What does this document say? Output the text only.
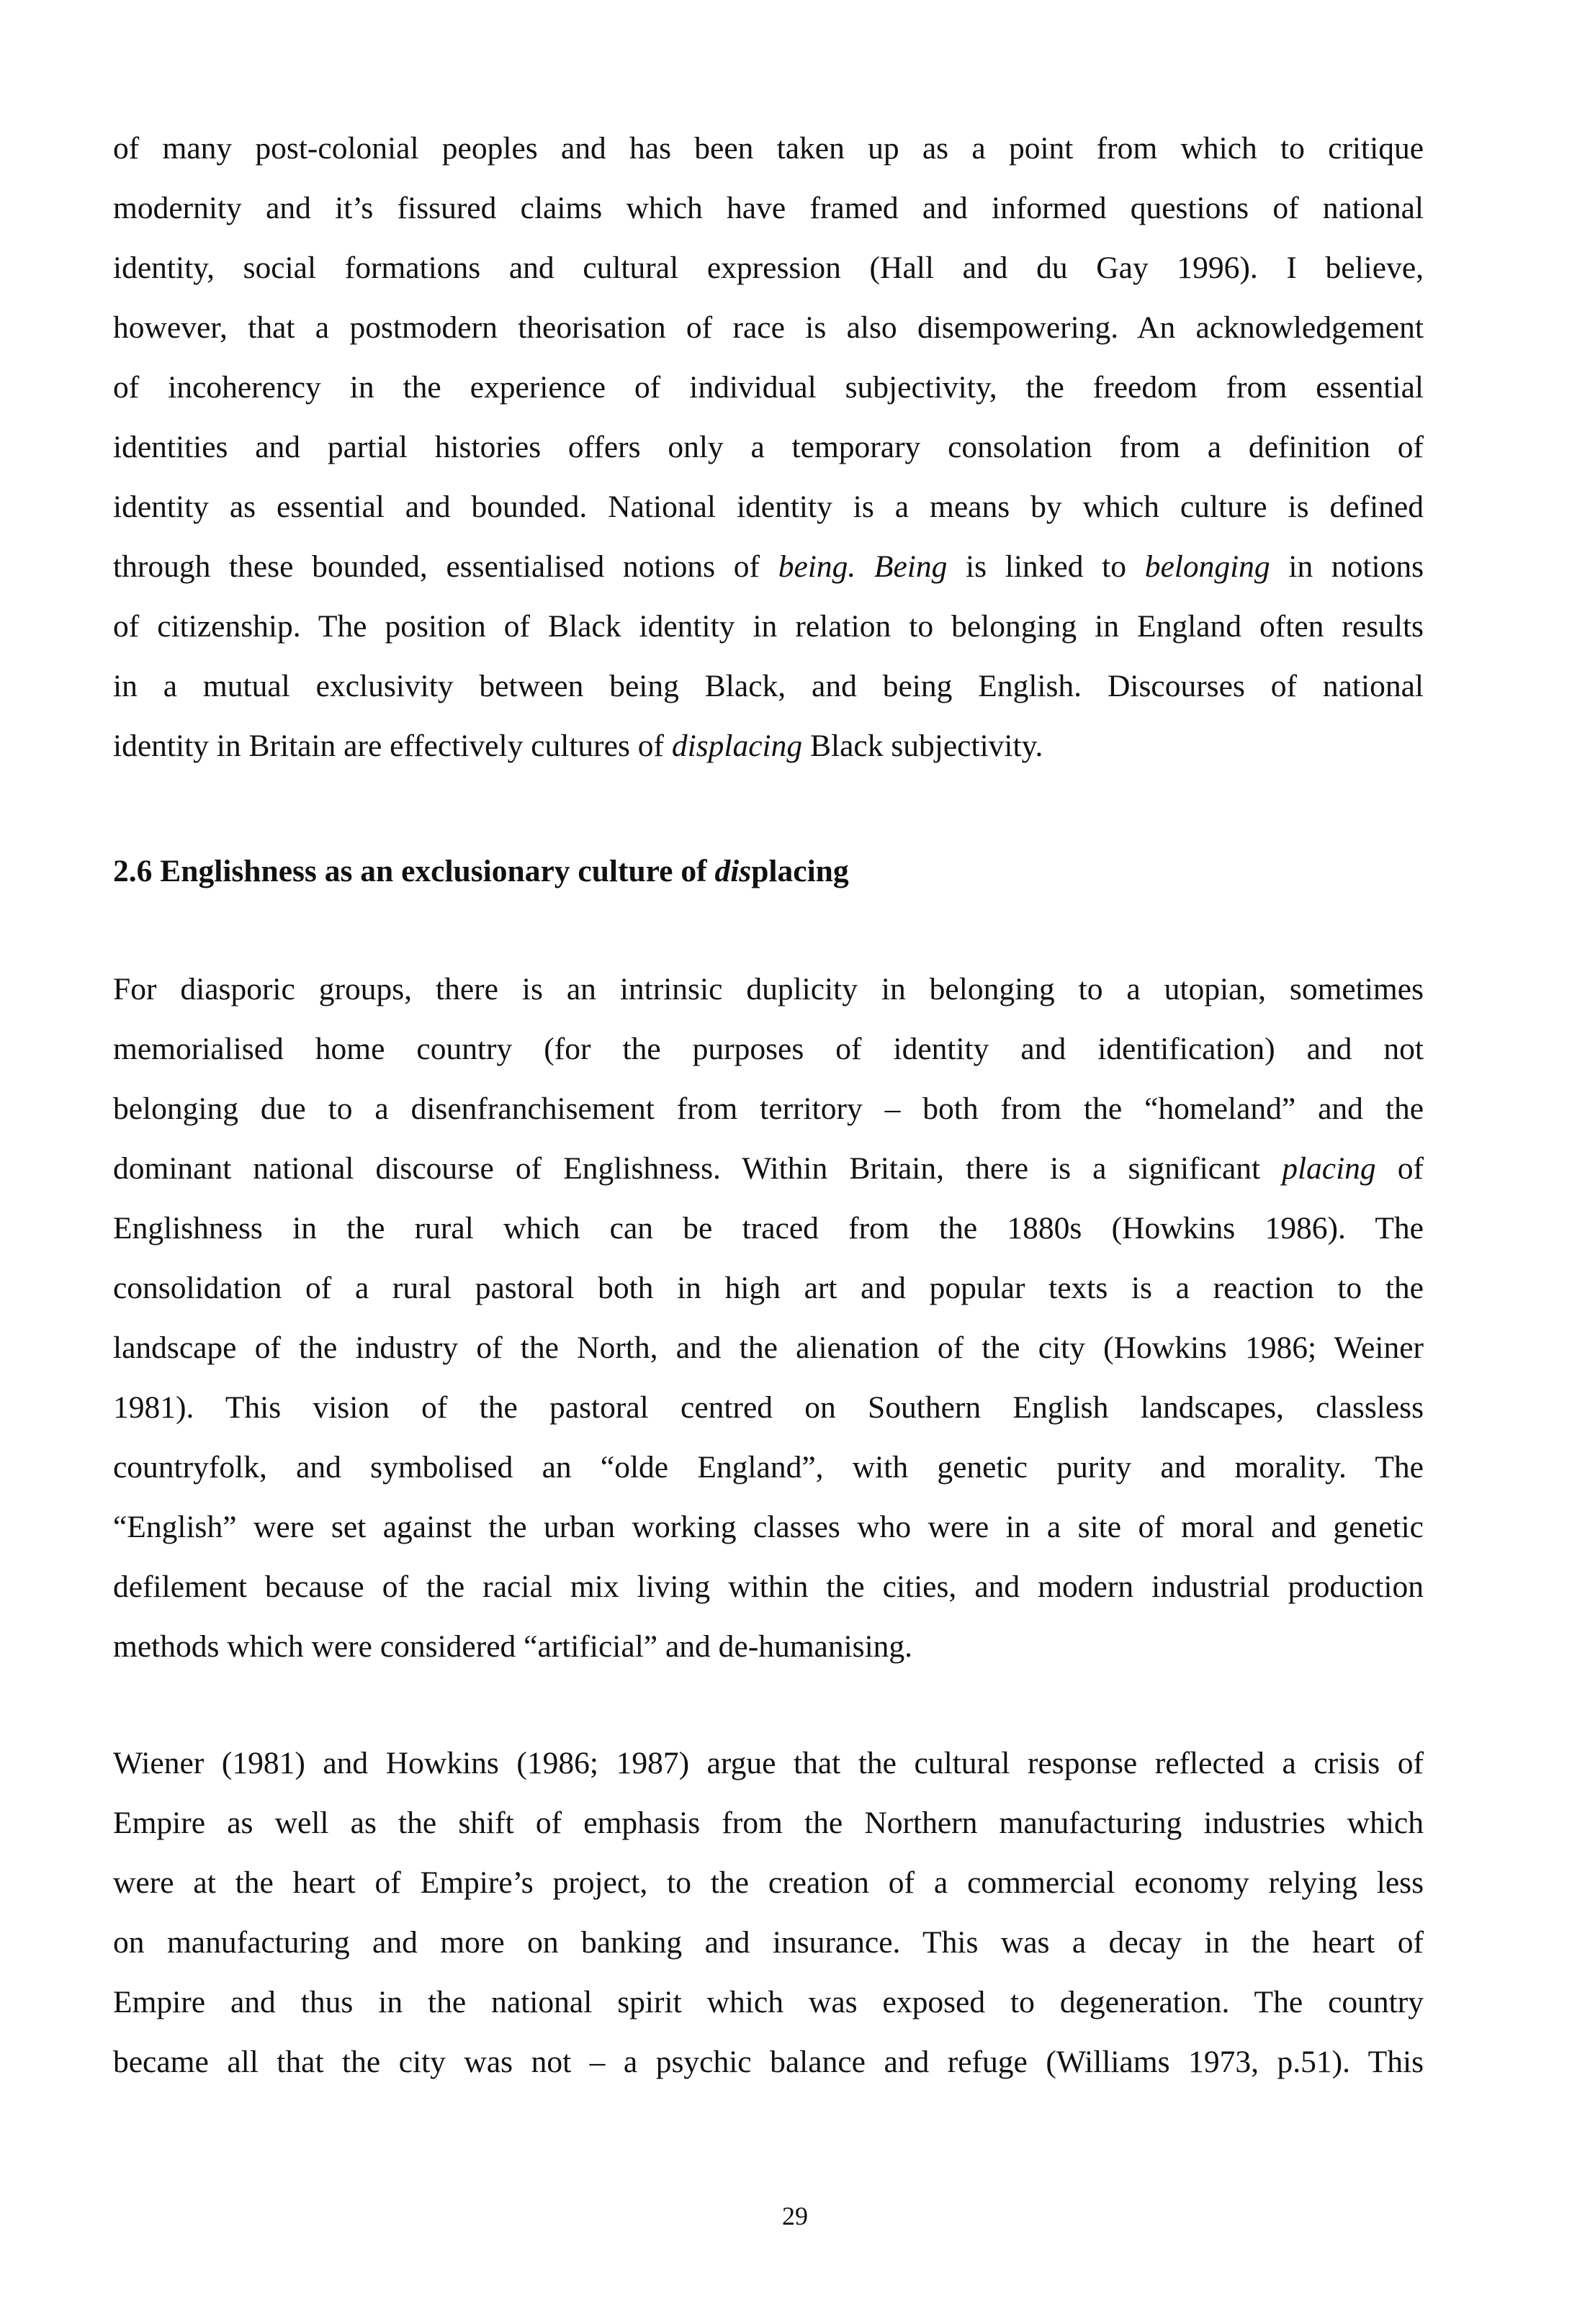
of many post-colonial peoples and has been taken up as a point from which to critique
modernity and it’s fissured claims which have framed and informed questions of national
identity, social formations and cultural expression (Hall and du Gay 1996). I believe,
however, that a postmodern theorisation of race is also disempowering. An acknowledgement
of incoherency in the experience of individual subjectivity, the freedom from essential
identities and partial histories offers only a temporary consolation from a definition of
identity as essential and bounded. National identity is a means by which culture is defined
through these bounded, essentialised notions of being. Being is linked to belonging in notions
of citizenship. The position of Black identity in relation to belonging in England often results
in a mutual exclusivity between being Black, and being English. Discourses of national
identity in Britain are effectively cultures of displacing Black subjectivity.
2.6 Englishness as an exclusionary culture of displacing
For diasporic groups, there is an intrinsic duplicity in belonging to a utopian, sometimes
memorialised home country (for the purposes of identity and identification) and not
belonging due to a disenfranchisement from territory – both from the “homeland” and the
dominant national discourse of Englishness. Within Britain, there is a significant placing of
Englishness in the rural which can be traced from the 1880s (Howkins 1986). The
consolidation of a rural pastoral both in high art and popular texts is a reaction to the
landscape of the industry of the North, and the alienation of the city (Howkins 1986; Weiner
1981). This vision of the pastoral centred on Southern English landscapes, classless
countryfolk, and symbolised an “olde England”, with genetic purity and morality. The
“English” were set against the urban working classes who were in a site of moral and genetic
defilement because of the racial mix living within the cities, and modern industrial production
methods which were considered “artificial” and de-humanising.
Wiener (1981) and Howkins (1986; 1987) argue that the cultural response reflected a crisis of
Empire as well as the shift of emphasis from the Northern manufacturing industries which
were at the heart of Empire’s project, to the creation of a commercial economy relying less
on manufacturing and more on banking and insurance. This was a decay in the heart of
Empire and thus in the national spirit which was exposed to degeneration. The country
became all that the city was not – a psychic balance and refuge (Williams 1973, p.51). This
29
